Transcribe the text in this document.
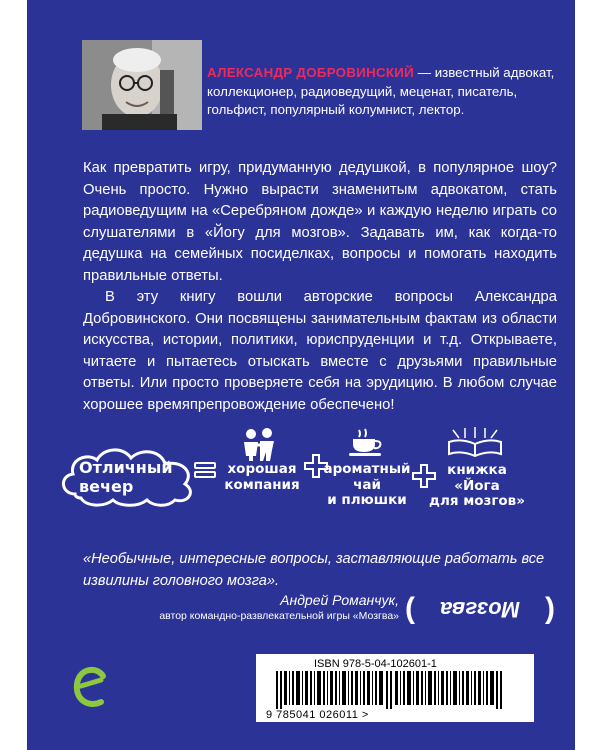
АЛЕКСАНДР ДОБРОВИНСКИЙ — известный адвокат, коллекционер, радиоведущий, меценат, писатель, гольфист, популярный колумнист, лектор.

Как превратить игру, придуманную дедушкой, в популярное шоу? Очень просто. Нужно вырасти знаменитым адвокатом, стать радиоведущим на «Серебряном дожде» и каждую неделю играть со слушателями в «Йогу для мозгов». Задавать им, как когда-то дедушка на семейных посиделках, вопросы и помогать находить правильные ответы.

В эту книгу вошли авторские вопросы Александра Добровинского. Они посвящены занимательным фактам из области искусства, истории, политики, юриспруденции и т.д. Открываете, читаете и пытаетесь отыскать вместе с друзьями правильные ответы. Или просто проверяете себя на эрудицию. В любом случае хорошее времяпрепровождение обеспечено!

Отличный
вечер
хорошая
компания
ароматный
чай
и плюшки
книжка
«Йога
для мозгов»
«Необычные, интересные вопросы, заставляющие работать все извилины головного мозга».
Андрей Романчук,
автор командно-развлекательной игры «Мозгва» (	Мозгва )
ISBN 978-5-04-102601-1
9 785041 026011 >
